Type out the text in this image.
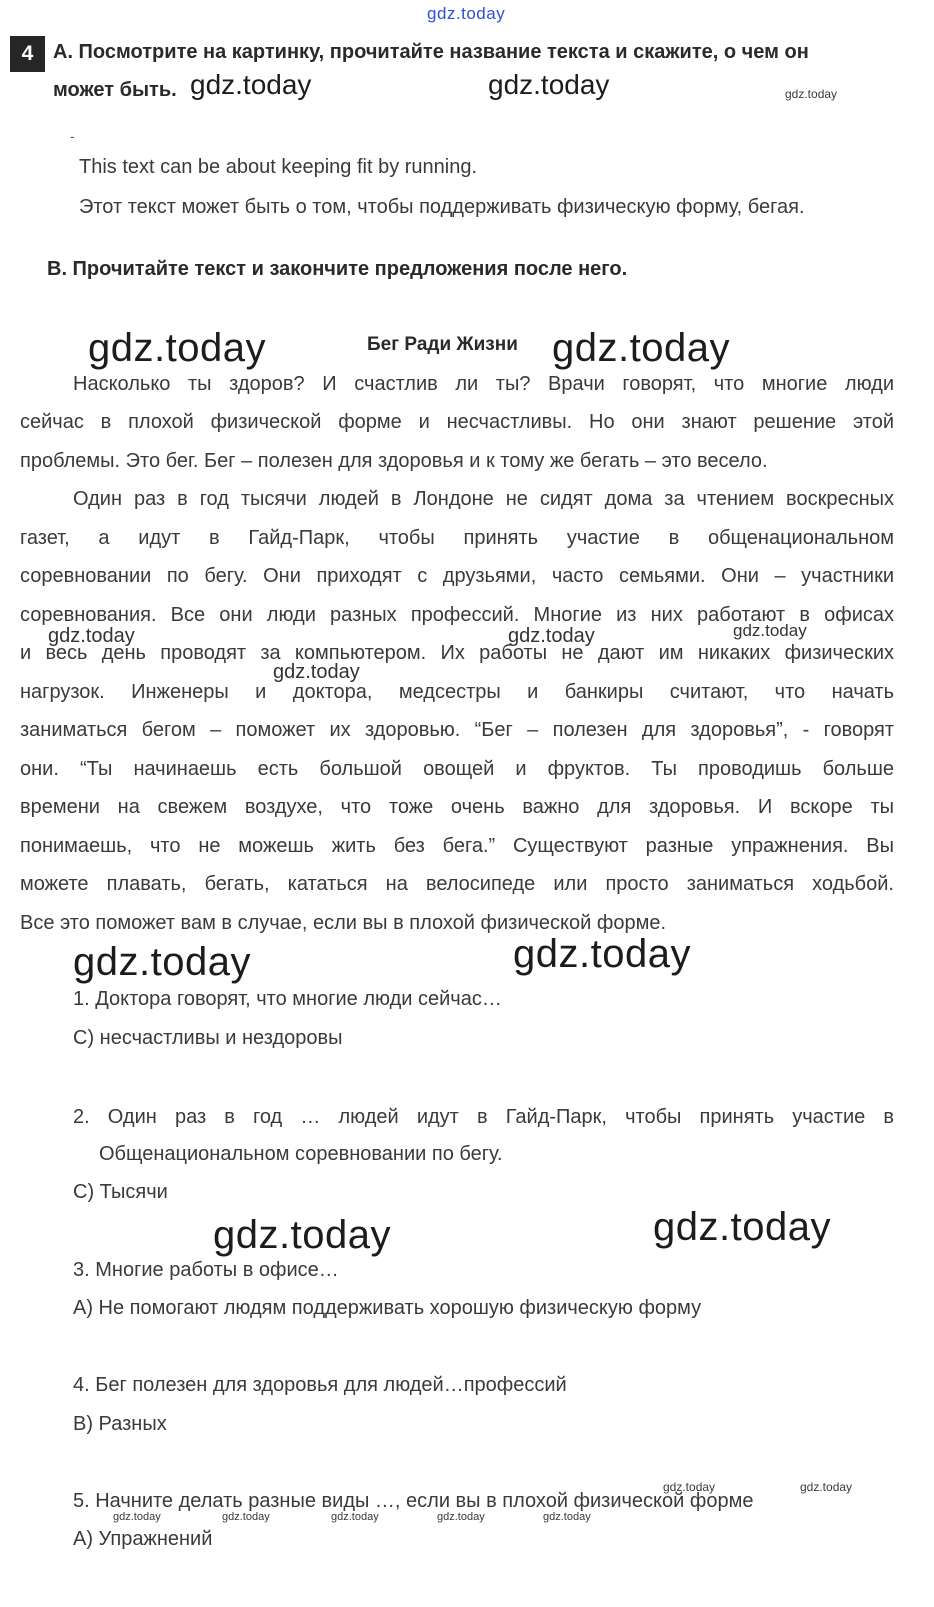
gdz.today

4 A. Посмотрите на картинку, прочитайте название текста и скажите, о чем он

может быть. gdz.today	gdz.today	gdz.today

-

This text can be about keeping fit by running.

Этот текст может быть о том, чтобы поддерживать физическую форму, бегая.

B. Прочитайте текст и закончите предложения после него.

gdz.today	Бег Ради Жизни gdz.today

Насколько ты здоров? И счастлив ли ты? Врачи говорят, что многие люди

сейчас в плохой физической форме и несчастливы. Но они знают решение этой

проблемы. Это бег. Бег – полезен для здоровья и к тому же бегать – это весело.

Один раз в год тысячи людей в Лондоне не сидят дома за чтением воскресных

газет, а идут в Гайд-Парк, чтобы принять участие в общенациональном

соревновании по бегу. Они приходят с друзьями, часто семьями. Они – участники

соревнования. Все они люди разных профессий. Многие из них работают в офисах

и весь день проводят за компьютером. Их работы не дают им никаких физических

нагрузок. Инженеры и доктора, медсестры и банкиры считают, что начать

заниматься бегом – поможет их здоровью. “Бег – полезен для здоровья”, - говорят

они. “Ты начинаешь есть большой овощей и фруктов. Ты проводишь больше

времени на свежем воздухе, что тоже очень важно для здоровья. И вскоре ты

понимаешь, что не можешь жить без бега.” Существуют разные упражнения. Вы

можете плавать, бегать, кататься на велосипеде или просто заниматься ходьбой.

Все это поможет вам в случае, если вы в плохой физической форме.

gdz.today	gdz.today	gdz.today

gdz.today

gdz.today	gdz.today

1. Доктора говорят, что многие люди сейчас…

C) несчастливы и нездоровы

2. Один раз в год … людей идут в Гайд-Парк, чтобы принять участие в

Общенациональном соревновании по бегу.

C) Тысячи

gdz.today	gdz.today

3. Многие работы в офисе…

A) Не помогают людям поддерживать хорошую физическую форму

4. Бег полезен для здоровья для людей…профессий

B) Разных

gdz.today	gdz.today

5. Начните делать разные виды …, если вы в плохой физической форме

gdz.today	gdz.today	gdz.today	gdz.today	gdz.today

A) Упражнений
